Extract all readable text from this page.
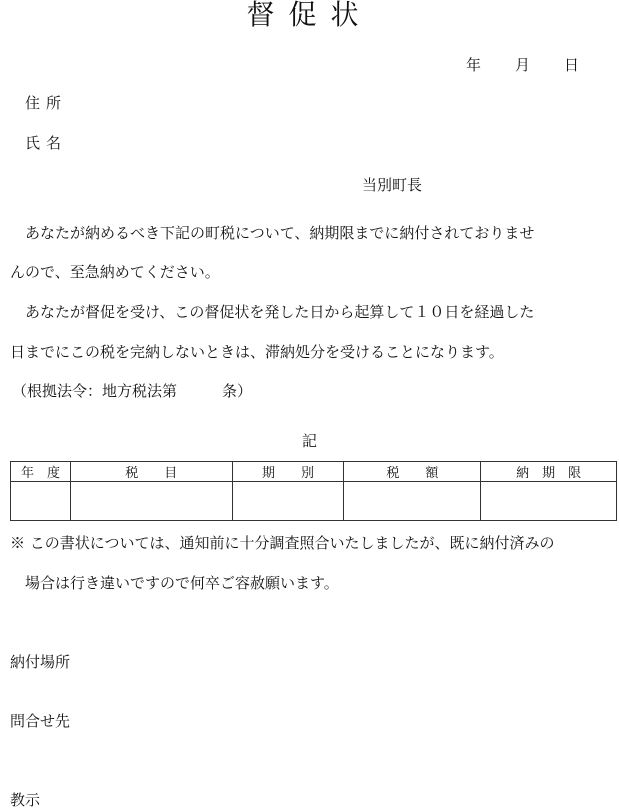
督促状
年 月 日
住所
氏名
当別町長
　あなたが納めるべき下記の町税について、納期限までに納付されておりませ
んので、至急納めてください。
　あなたが督促を受け、この督促状を発した日から起算して１０日を経過した
日までにこの税を完納しないときは、滞納処分を受けることになります。
（根拠法令：地方税法第　　　条）
記
年　度	税　　目	期　　別	税　　額	納　期　限

※ この書状については、通知前に十分調査照合いたしましたが、既に納付済みの
　場合は行き違いですので何卒ご容赦願います。
納付場所
問合せ先
教示
